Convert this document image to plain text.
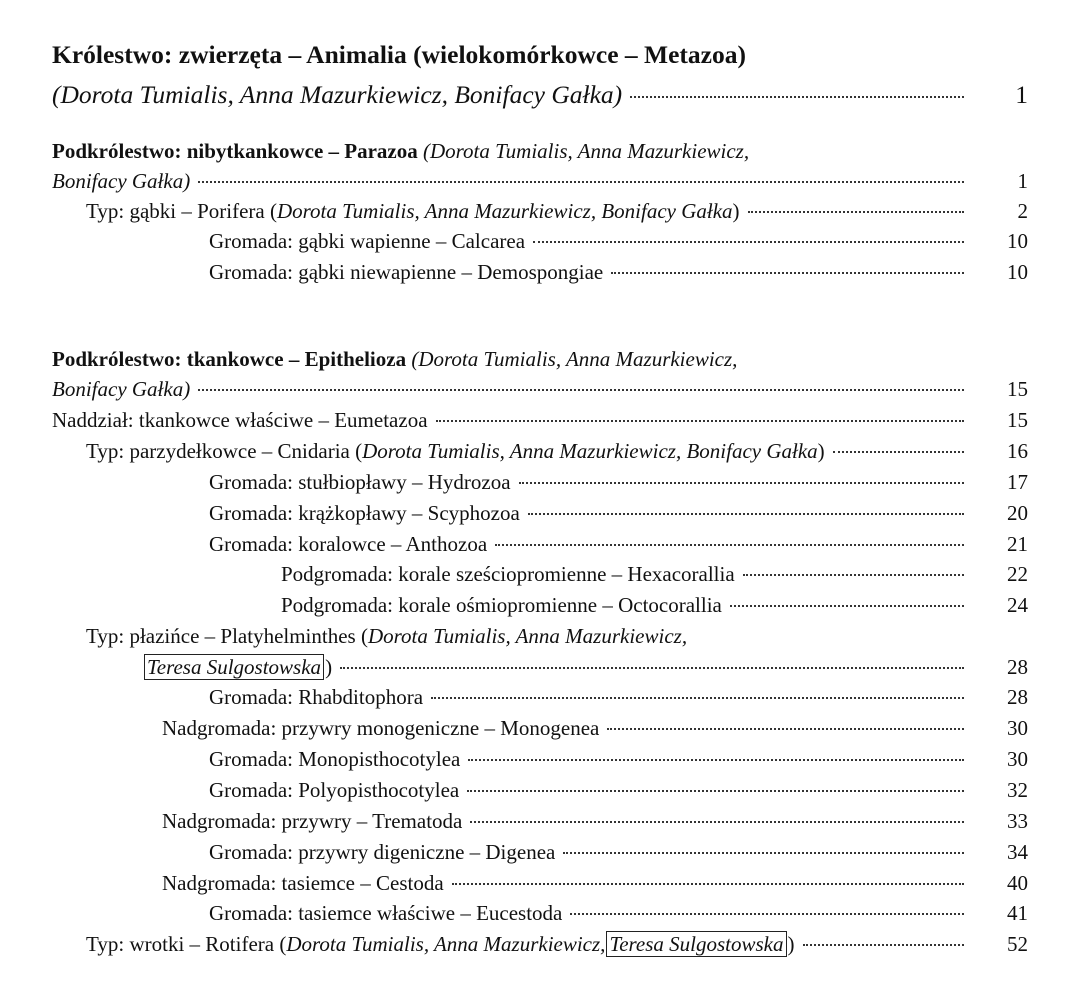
Królestwo: zwierzęta – Animalia (wielokomórkowce – Metazoa)
(Dorota Tumialis, Anna Mazurkiewicz, Bonifacy Gałka)	1
Podkrólestwo: nibytkankowce – Parazoa (Dorota Tumialis, Anna Mazurkiewicz,
Bonifacy Gałka)	1
Typ: gąbki – Porifera (Dorota Tumialis, Anna Mazurkiewicz, Bonifacy Gałka)	2
Gromada: gąbki wapienne – Calcarea	10
Gromada: gąbki niewapienne – Demospongiae	10
Podkrólestwo: tkankowce – Epithelioza (Dorota Tumialis, Anna Mazurkiewicz,
Bonifacy Gałka)	15
Naddział: tkankowce właściwe – Eumetazoa	15
Typ: parzydełkowce – Cnidaria (Dorota Tumialis, Anna Mazurkiewicz, Bonifacy Gałka)	16
Gromada: stułbiopławy – Hydrozoa	17
Gromada: krążkopławy – Scyphozoa	20
Gromada: koralowce – Anthozoa	21
Podgromada: korale sześciopromienne – Hexacorallia	22
Podgromada: korale ośmiopromienne – Octocorallia	24
Typ: płazińce – Platyhelminthes (Dorota Tumialis, Anna Mazurkiewicz,
Teresa Sulgostowska )	28
Gromada: Rhabditophora	28
Nadgromada: przywry monogeniczne – Monogenea	30
Gromada: Monopisthocotylea	30
Gromada: Polyopisthocotylea	32
Nadgromada: przywry – Trematoda	33
Gromada: przywry digeniczne – Digenea	34
Nadgromada: tasiemce – Cestoda	40
Gromada: tasiemce właściwe – Eucestoda	41
Typ: wrotki – Rotifera (Dorota Tumialis, Anna Mazurkiewicz, Teresa Sulgostowska )	52
